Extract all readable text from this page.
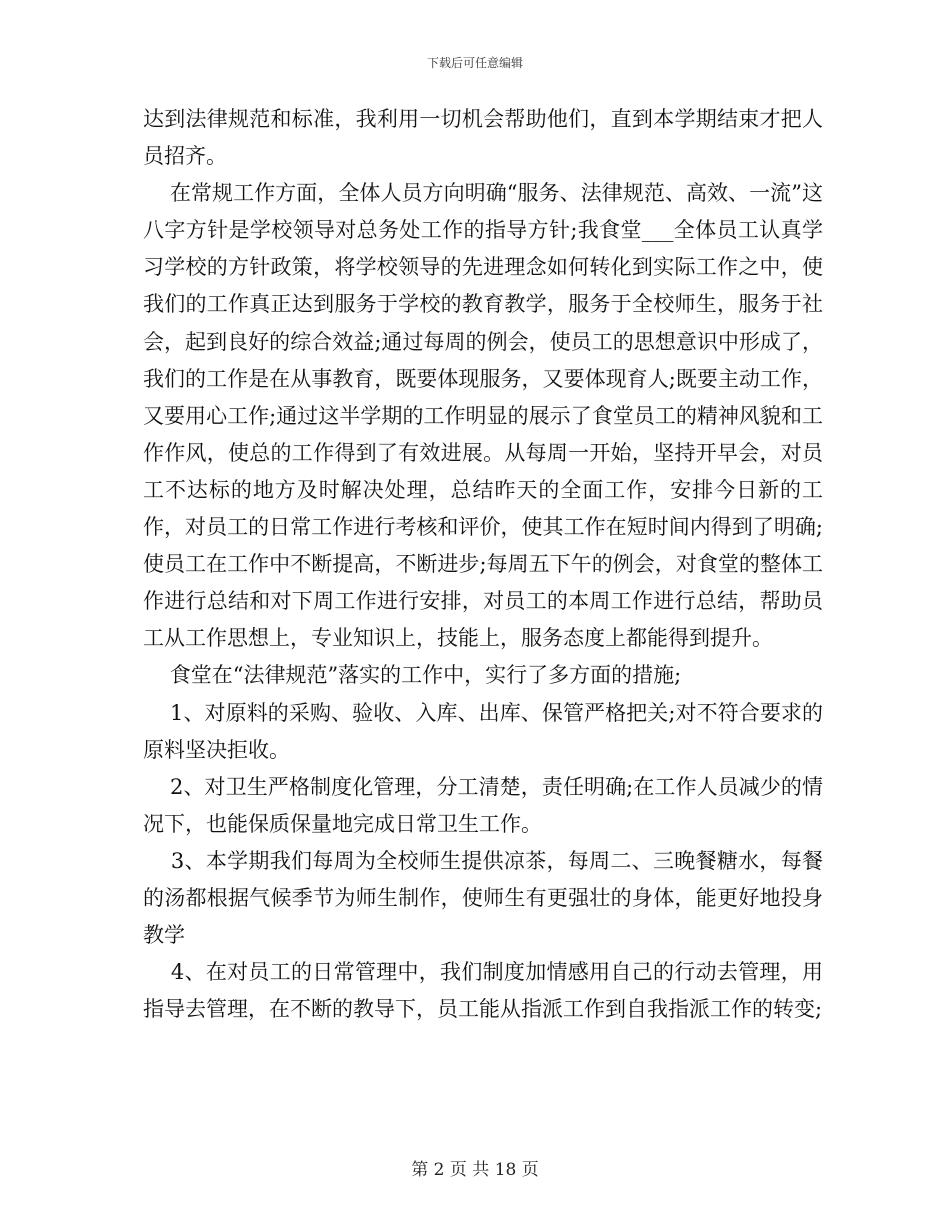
下载后可任意编辑

达到法律规范和标准，我利用一切机会帮助他们，直到本学期结束才把人员招齐。

在常规工作方面，全体人员方向明确“服务、法律规范、高效、一流”这八字方针是学校领导对总务处工作的指导方针;我食堂___全体员工认真学习学校的方针政策，将学校领导的先进理念如何转化到实际工作之中，使我们的工作真正达到服务于学校的教育教学，服务于全校师生，服务于社会，起到良好的综合效益;通过每周的例会，使员工的思想意识中形成了，我们的工作是在从事教育，既要体现服务，又要体现育人;既要主动工作，又要用心工作;通过这半学期的工作明显的展示了食堂员工的精神风貌和工作作风，使总的工作得到了有效进展。从每周一开始，坚持开早会，对员工不达标的地方及时解决处理，总结昨天的全面工作，安排今日新的工作，对员工的日常工作进行考核和评价，使其工作在短时间内得到了明确;使员工在工作中不断提高，不断进步;每周五下午的例会，对食堂的整体工作进行总结和对下周工作进行安排，对员工的本周工作进行总结，帮助员工从工作思想上，专业知识上，技能上，服务态度上都能得到提升。

食堂在“法律规范”落实的工作中，实行了多方面的措施;

1、对原料的采购、验收、入库、出库、保管严格把关;对不符合要求的原料坚决拒收。

2、对卫生严格制度化管理，分工清楚，责任明确;在工作人员减少的情况下，也能保质保量地完成日常卫生工作。

3、本学期我们每周为全校师生提供凉茶，每周二、三晚餐糖水，每餐的汤都根据气候季节为师生制作，使师生有更强壮的身体，能更好地投身教学

4、在对员工的日常管理中，我们制度加情感用自己的行动去管理，用指导去管理，在不断的教导下，员工能从指派工作到自我指派工作的转变;

第 2 页 共 18 页
